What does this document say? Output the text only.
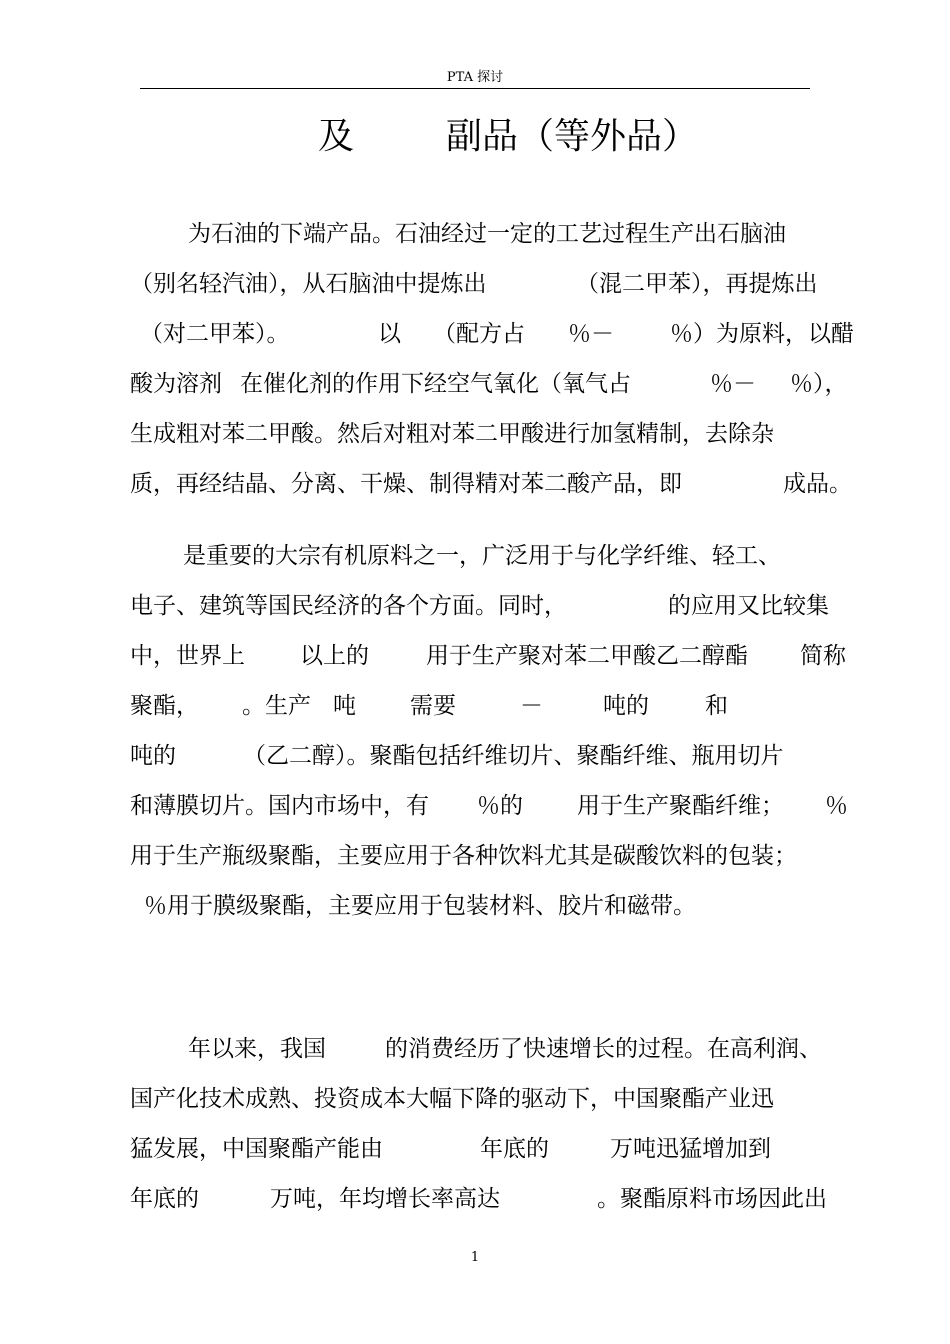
PTA 探讨
及	副品（等外品）
为石油的下端产品。石油经过一定的工艺过程生产出石脑油
（别名轻汽油），从石脑油中提炼出	（混二甲苯），再提炼出
（对二甲苯）。	以 （配方占 ％－ ％）为原料，以醋
酸为溶剂 在催化剂的作用下经空气氧化（氧气占	％－ ％），
生成粗对苯二甲酸。然后对粗对苯二甲酸进行加氢精制，去除杂
质，再经结晶、分离、干燥、制得精对苯二酸产品，即	成品。
是重要的大宗有机原料之一，广泛用于与化学纤维、轻工、
电子、建筑等国民经济的各个方面。同时，	的应用又比较集
中，世界上 以上的 用于生产聚对苯二甲酸乙二醇酯 简称
聚酯， 。生产 吨 需要	－	吨的 和
吨的	（乙二醇）。聚酯包括纤维切片、聚酯纤维、瓶用切片
和薄膜切片。国内市场中，有 ％的 用于生产聚酯纤维； ％
用于生产瓶级聚酯，主要应用于各种饮料尤其是碳酸饮料的包装；
％用于膜级聚酯，主要应用于包装材料、胶片和磁带。
年以来，我国	的消费经历了快速增长的过程。在高利润、
国产化技术成熟、投资成本大幅下降的驱动下，中国聚酯产业迅
猛发展，中国聚酯产能由	年底的	万吨迅猛增加到
年底的	万吨，年均增长率高达	。聚酯原料市场因此出
1
